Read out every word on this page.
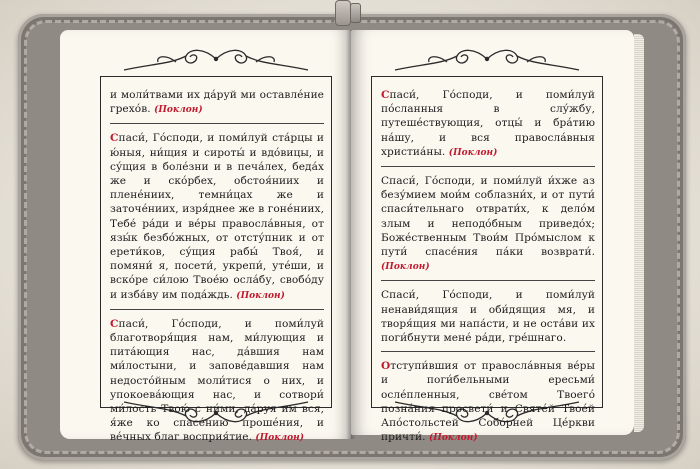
и моли́твами их да́руй ми оставле́ние грехо́в. (Поклон)

Спаси́, Го́споди, и поми́луй ста́рцы и ю́ныя, ни́щия и сироты́ и вдо́вицы, и су́щия в боле́зни и в печа́лех, беда́х же и ско́рбех, обстоя́ниих и плене́ниих, темни́цах же и заточе́ниих, изря́днее же в гоне́ниих, Тебе́ ра́ди и ве́ры правосла́вныя, от язы́к безбо́жных, от отсту́пник и от ерети́ков, су́щия рабы́ Твоя́, и помяни́ я, посети́, укрепи́, уте́ши, и вско́ре си́лою Твое́ю осла́бу, свобо́ду и изба́ву им пода́ждь. (Поклон)

Спаси́, Го́споди, и поми́луй благотворя́щия нам, ми́лующия и пита́ющия нас, да́вшия нам ми́лостыни, и запове́давшия нам недосто́йным моли́тися о них, и упокоева́ющия нас, и сотвори́ ми́лость Твою́ с ни́ми, да́руя им вся, я́же ко спасе́нию проше́ния, и ве́чных благ восприя́тие. (Поклон)

Спаси́, Го́споди, и поми́луй по́сланныя в слу́жбу, путеше́ствующия, отцы́ и бра́тию на́шу, и вся правосла́вныя христиа́ны. (Поклон)

Спаси́, Го́споди, и поми́луй и́хже аз безу́мием мои́м соблазни́х, и от пути́ спаси́тельнаго отврати́х, к дело́м злым и неподо́бным приведо́х; Боже́ственным Твои́м Про́мыслом к пути́ спасе́ния па́ки возврати́. (Поклон)

Спаси́, Го́споди, и поми́луй ненави́дящия и оби́дящия мя, и творя́щия ми напа́сти, и не оста́ви их поги́бнути мене́ ра́ди, гре́шнаго.

Отступи́вшия от правосла́вныя ве́ры и поги́бельными ересьми́ осле́пленныя, све́том Твоего́ позна́ния просвети́ и Святе́й Твое́й Апо́стольстей Собо́рней Це́ркви причти́. (Поклон)
